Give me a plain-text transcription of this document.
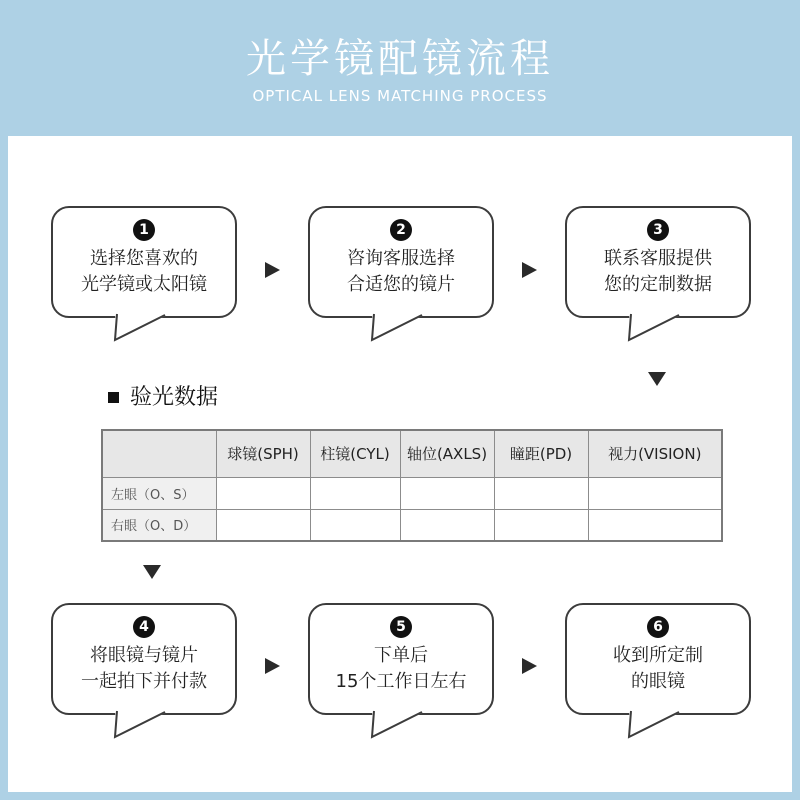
光学镜配镜流程
OPTICAL LENS MATCHING PROCESS
1
选择您喜欢的
光学镜或太阳镜
2
咨询客服选择
合适您的镜片
3
联系客服提供
您的定制数据
验光数据
	球镜(SPH)	柱镜(CYL)	轴位(AXLS)	瞳距(PD)	视力(VISION)
左眼（O、S）					
右眼（O、D）					
4
将眼镜与镜片
一起拍下并付款
5
下单后
15个工作日左右
6
收到所定制
的眼镜
